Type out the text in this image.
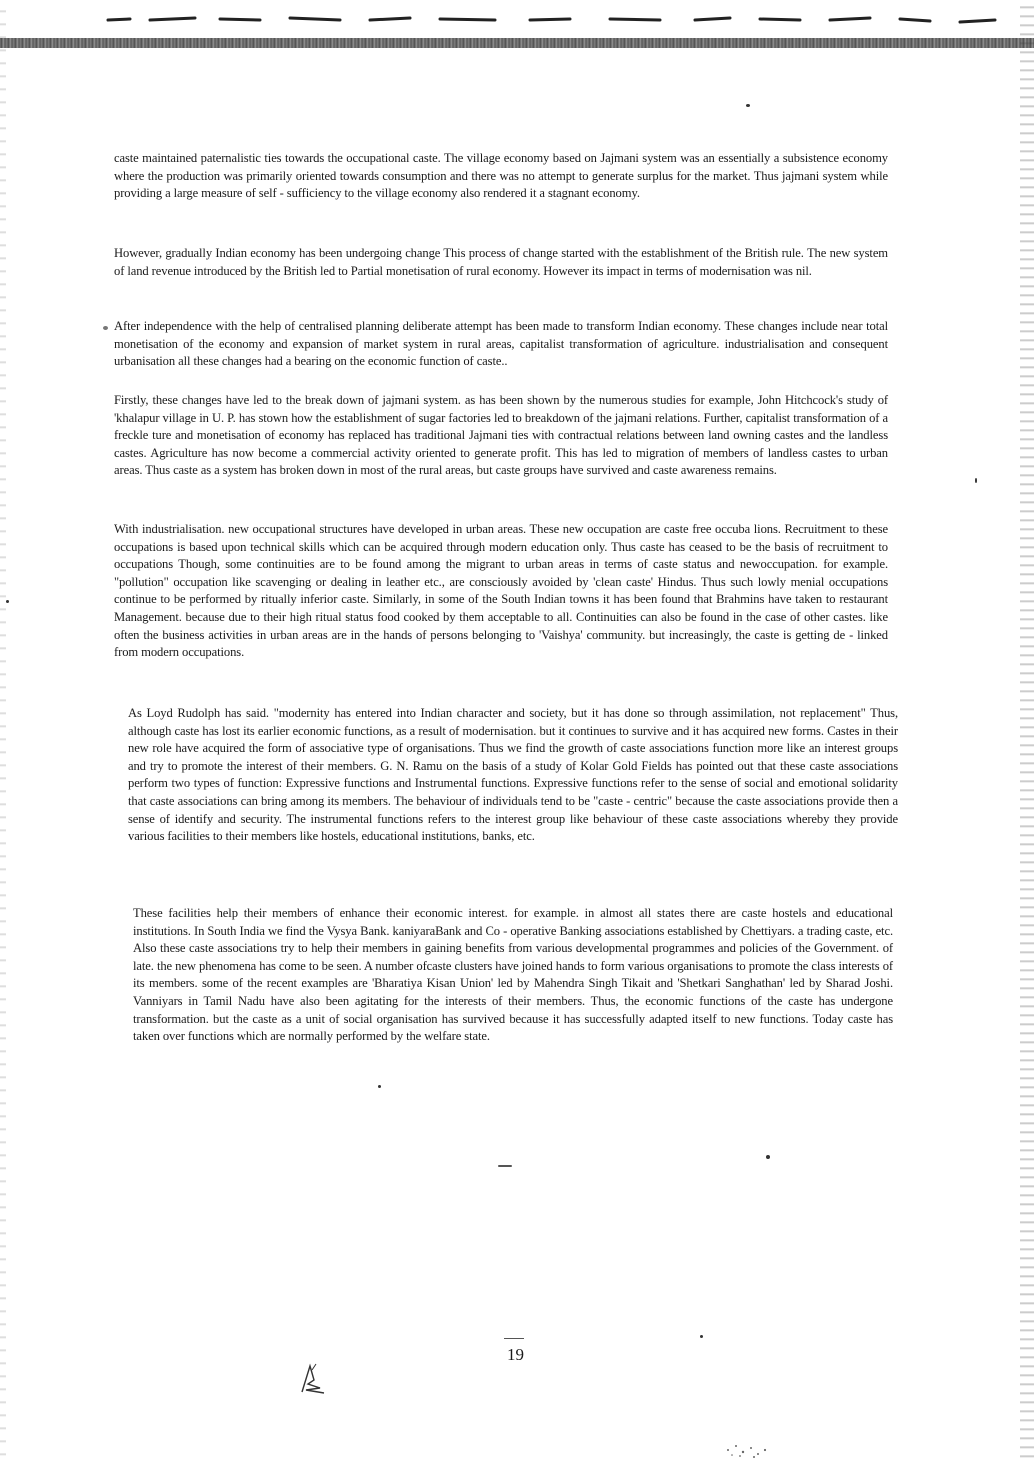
caste maintained paternalistic ties towards the occupational caste. The village economy based on Jajmani system was an essentially a subsistence economy where the production was primarily oriented towards consumption and there was no attempt to generate surplus for the market. Thus jajmani system while providing a large measure of self - sufficiency to the village economy also rendered it a stagnant economy.

However, gradually Indian economy has been undergoing change This process of change started with the establishment of the British rule. The new system of land revenue introduced by the British led to Partial monetisation of rural economy. However its impact in terms of modernisation was nil.

After independence with the help of centralised planning deliberate attempt has been made to transform Indian economy. These changes include near total monetisation of the economy and expansion of market system in rural areas, capitalist transformation of agriculture. industrialisation and consequent urbanisation all these changes had a bearing on the economic function of caste..

Firstly, these changes have led to the break down of jajmani system. as has been shown by the numerous studies for example, John Hitchcock's study of 'khalapur village in U. P. has stown how the establishment of sugar factories led to breakdown of the jajmani relations. Further, capitalist transformation of a freckle ture and monetisation of economy has replaced has traditional Jajmani ties with contractual relations between land owning castes and the landless castes. Agriculture has now become a commercial activity oriented to generate profit. This has led to migration of members of landless castes to urban areas. Thus caste as a system has broken down in most of the rural areas, but caste groups have survived and caste awareness remains.

With industrialisation. new occupational structures have developed in urban areas. These new occupation are caste free occuba lions. Recruitment to these occupations is based upon technical skills which can be acquired through modern education only. Thus caste has ceased to be the basis of recruitment to occupations Though, some continuities are to be found among the migrant to urban areas in terms of caste status and newoccupation. for example. "pollution" occupation like scavenging or dealing in leather etc., are consciously avoided by 'clean caste' Hindus. Thus such lowly menial occupations continue to be performed by ritually inferior caste. Similarly, in some of the South Indian towns it has been found that Brahmins have taken to restaurant Management. because due to their high ritual status food cooked by them acceptable to all. Continuities can also be found in the case of other castes. like often the business activities in urban areas are in the hands of persons belonging to 'Vaishya' community. but increasingly, the caste is getting de - linked from modern occupations.

As Loyd Rudolph has said. "modernity has entered into Indian character and society, but it has done so through assimilation, not replacement" Thus, although caste has lost its earlier economic functions, as a result of modernisation. but it continues to survive and it has acquired new forms. Castes in their new role have acquired the form of associative type of organisations. Thus we find the growth of caste associations function more like an interest groups and try to promote the interest of their members. G. N. Ramu on the basis of a study of Kolar Gold Fields has pointed out that these caste associations perform two types of function: Expressive functions and Instrumental functions. Expressive functions refer to the sense of social and emotional solidarity that caste associations can bring among its members. The behaviour of individuals tend to be "caste - centric" because the caste associations provide then a sense of identify and security. The instrumental functions refers to the interest group like behaviour of these caste associations whereby they provide various facilities to their members like hostels, educational institutions, banks, etc.

These facilities help their members of enhance their economic interest. for example. in almost all states there are caste hostels and educational institutions. In South India we find the Vysya Bank. kaniyaraBank and Co - operative Banking associations established by Chettiyars. a trading caste, etc. Also these caste associations try to help their members in gaining benefits from various developmental programmes and policies of the Government. of late. the new phenomena has come to be seen. A number ofcaste clusters have joined hands to form various organisations to promote the class interests of its members. some of the recent examples are 'Bharatiya Kisan Union' led by Mahendra Singh Tikait and 'Shetkari Sanghathan' led by Sharad Joshi. Vanniyars in Tamil Nadu have also been agitating for the interests of their members. Thus, the economic functions of the caste has undergone transformation. but the caste as a unit of social organisation has survived because it has successfully adapted itself to new functions. Today caste has taken over functions which are normally performed by the welfare state.

19
